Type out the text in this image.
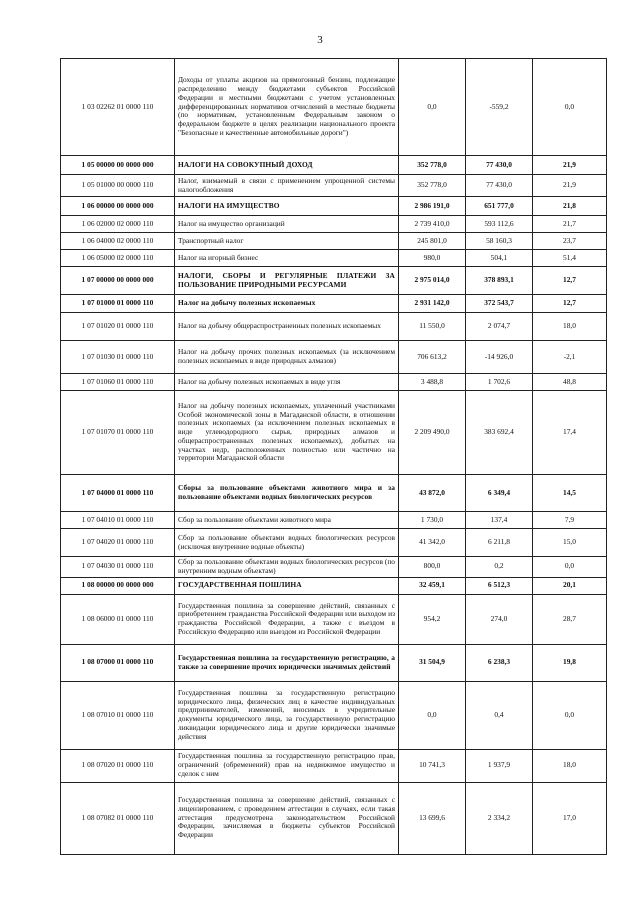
3
1 03 02262 01 0000 110	Доходы от уплаты акцизов на прямогонный бензин, подлежащие распределению между бюджетами субъектов Российской Федерации и местными бюджетами с учетом установленных дифференцированных нормативов отчислений в местные бюджеты (по нормативам, установленным Федеральным законом о федеральном бюджете в целях реализации национального проекта "Безопасные и качественные автомобильные дороги")	0,0	-559,2	0,0
1 05 00000 00 0000 000	НАЛОГИ НА СОВОКУПНЫЙ ДОХОД	352 778,0	77 430,0	21,9
1 05 01000 00 0000 110	Налог, взимаемый в связи с применением упрощенной системы налогообложения	352 778,0	77 430,0	21,9
1 06 00000 00 0000 000	НАЛОГИ НА ИМУЩЕСТВО	2 986 191,0	651 777,0	21,8
1 06 02000 02 0000 110	Налог на имущество организаций	2 739 410,0	593 112,6	21,7
1 06 04000 02 0000 110	Транспортный налог	245 801,0	58 160,3	23,7
1 06 05000 02 0000 110	Налог на игорный бизнес	980,0	504,1	51,4
1 07 00000 00 0000 000	НАЛОГИ, СБОРЫ И РЕГУЛЯРНЫЕ ПЛАТЕЖИ ЗА ПОЛЬЗОВАНИЕ ПРИРОДНЫМИ РЕСУРСАМИ	2 975 014,0	378 893,1	12,7
1 07 01000 01 0000 110	Налог на добычу полезных ископаемых	2 931 142,0	372 543,7	12,7
1 07 01020 01 0000 110	Налог на добычу общераспространенных полезных ископаемых	11 550,0	2 074,7	18,0
1 07 01030 01 0000 110	Налог на добычу прочих полезных ископаемых (за исключением полезных ископаемых в виде природных алмазов)	706 613,2	-14 926,0	-2,1
1 07 01060 01 0000 110	Налог на добычу полезных ископаемых в виде угля	3 488,8	1 702,6	48,8
1 07 01070 01 0000 110	Налог на добычу полезных ископаемых, уплаченный участниками Особой экономической зоны в Магаданской области, в отношении полезных ископаемых (за исключением полезных ископаемых в виде углеводородного сырья, природных алмазов и общераспространенных полезных ископаемых), добытых на участках недр, расположенных полностью или частично на территории Магаданской области	2 209 490,0	383 692,4	17,4
1 07 04000 01 0000 110	Сборы за пользование объектами животного мира и за пользование объектами водных биологических ресурсов	43 872,0	6 349,4	14,5
1 07 04010 01 0000 110	Сбор за пользование объектами животного мира	1 730,0	137,4	7,9
1 07 04020 01 0000 110	Сбор за пользование объектами водных биологических ресурсов (исключая внутренние водные объекты)	41 342,0	6 211,8	15,0
1 07 04030 01 0000 110	Сбор за пользование объектами водных биологических ресурсов (по внутренним водным объектам)	800,0	0,2	0,0
1 08 00000 00 0000 000	ГОСУДАРСТВЕННАЯ ПОШЛИНА	32 459,1	6 512,3	20,1
1 08 06000 01 0000 110	Государственная пошлина за совершение действий, связанных с приобретением гражданства Российской Федерации или выходом из гражданства Российской Федерации, а также с въездом в Российскую Федерацию или выездом из Российской Федерации	954,2	274,0	28,7
1 08 07000 01 0000 110	Государственная пошлина за государственную регистрацию, а также за совершение прочих юридически значимых действий	31 504,9	6 238,3	19,8
1 08 07010 01 0000 110	Государственная пошлина за государственную регистрацию юридического лица, физических лиц в качестве индивидуальных предпринимателей, изменений, вносимых в учредительные документы юридического лица, за государственную регистрацию ликвидации юридического лица и другие юридически значимые действия	0,0	0,4	0,0
1 08 07020 01 0000 110	Государственная пошлина за государственную регистрацию прав, ограничений (обременений) прав на недвижимое имущество и сделок с ним	10 741,3	1 937,9	18,0
1 08 07082 01 0000 110	Государственная пошлина за совершение действий, связанных с лицензированием, с проведением аттестации в случаях, если такая аттестация предусмотрена законодательством Российской Федерации, зачисляемая в бюджеты субъектов Российской Федерации	13 699,6	2 334,2	17,0
